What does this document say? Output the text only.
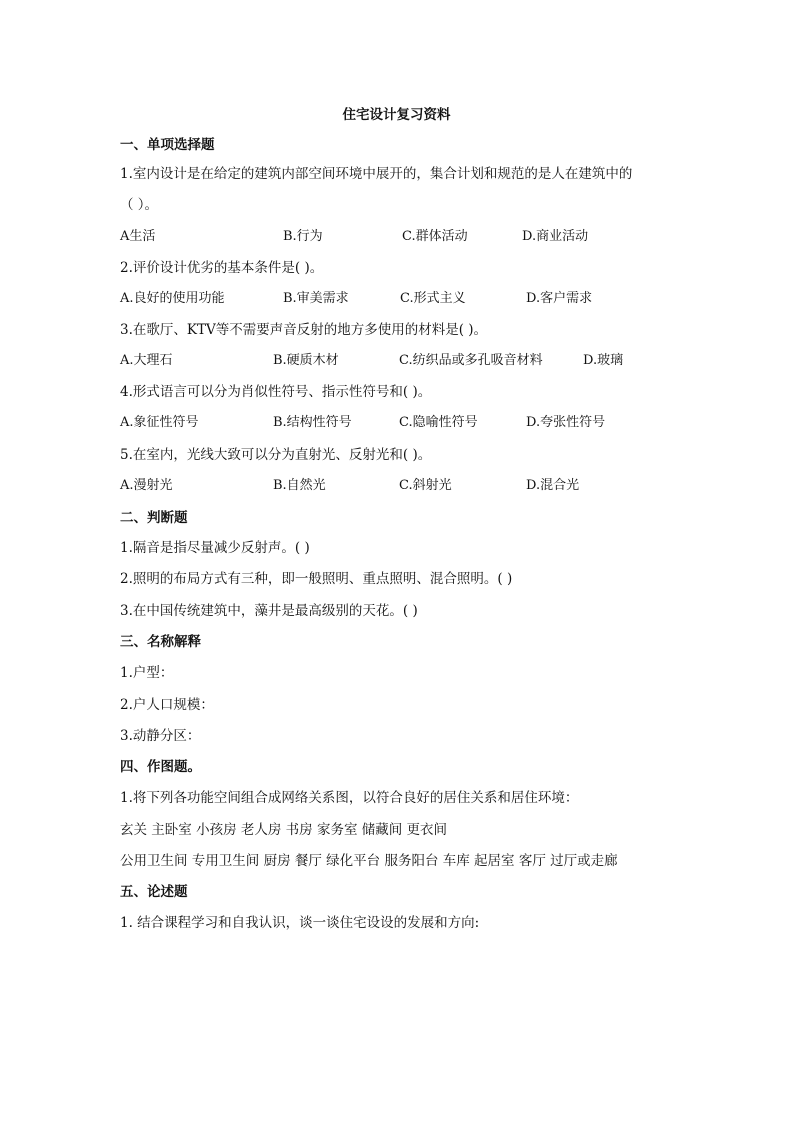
住宅设计复习资料
一、单项选择题
1.室内设计是在给定的建筑内部空间环境中展开的，集合计划和规范的是人在建筑中的
（ ）。
A生活	B.行为	C.群体活动	D.商业活动
2.评价设计优劣的基本条件是( )。
A.良好的使用功能	B.审美需求	C.形式主义	D.客户需求
3.在歌厅、KTV等不需要声音反射的地方多使用的材料是( )。
A.大理石	B.硬质木材	C.纺织品或多孔吸音材料	D.玻璃
4.形式语言可以分为肖似性符号、指示性符号和( )。
A.象征性符号	B.结构性符号	C.隐喻性符号	D.夸张性符号
5.在室内，光线大致可以分为直射光、反射光和( )。
A.漫射光	B.自然光	C.斜射光	D.混合光
二、判断题
1.隔音是指尽量减少反射声。( )
2.照明的布局方式有三种，即一般照明、重点照明、混合照明。( )
3.在中国传统建筑中，藻井是最高级别的天花。( )
三、名称解释
1.户型：
2.户人口规模：
3.动静分区：
四、作图题。
1.将下列各功能空间组合成网络关系图，以符合良好的居住关系和居住环境：
玄关 主卧室 小孩房 老人房 书房 家务室 储藏间 更衣间
公用卫生间 专用卫生间 厨房 餐厅 绿化平台 服务阳台 车库 起居室 客厅 过厅或走廊
五、论述题
1. 结合课程学习和自我认识，谈一谈住宅设设的发展和方向:
